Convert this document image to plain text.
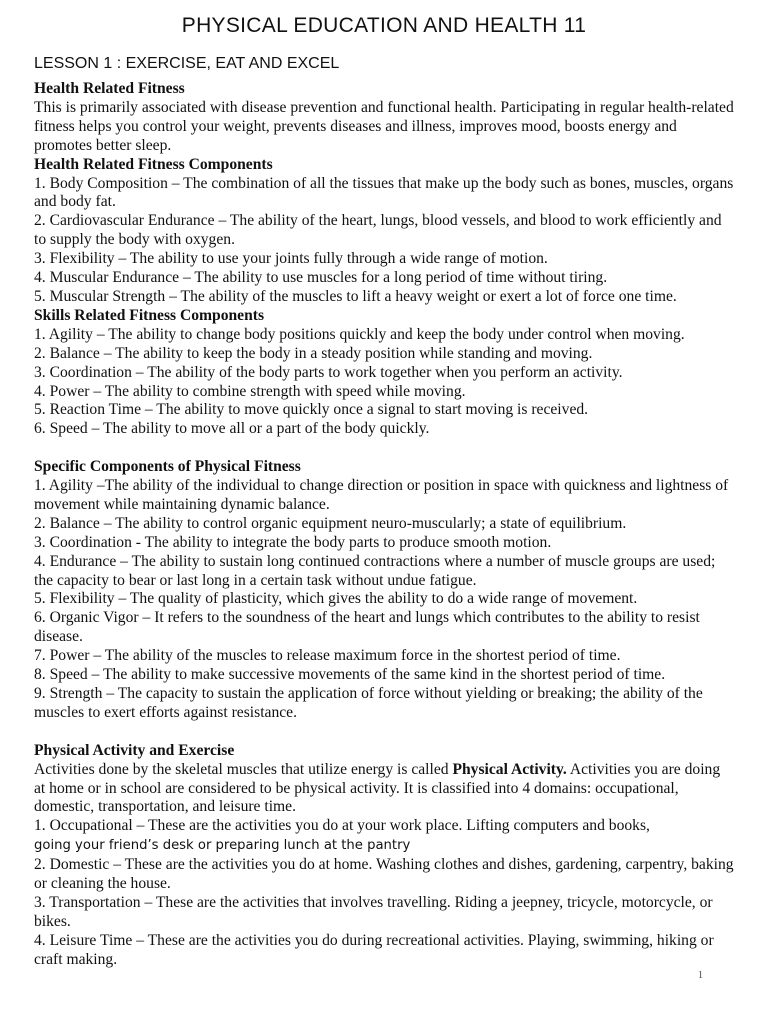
PHYSICAL EDUCATION AND HEALTH 11
LESSON 1 : EXERCISE, EAT AND EXCEL

Health Related Fitness

This is primarily associated with disease prevention and functional health. Participating in regular health-related fitness helps you control your weight, prevents diseases and illness, improves mood, boosts energy and promotes better sleep.

Health Related Fitness Components

1. Body Composition – The combination of all the tissues that make up the body such as bones, muscles, organs and body fat.

2. Cardiovascular Endurance – The ability of the heart, lungs, blood vessels, and blood to work efficiently and to supply the body with oxygen.

3. Flexibility – The ability to use your joints fully through a wide range of motion.

4. Muscular Endurance – The ability to use muscles for a long period of time without tiring.

5. Muscular Strength – The ability of the muscles to lift a heavy weight or exert a lot of force one time.

Skills Related Fitness Components

1. Agility – The ability to change body positions quickly and keep the body under control when moving.

2. Balance – The ability to keep the body in a steady position while standing and moving.

3. Coordination – The ability of the body parts to work together when you perform an activity.

4. Power – The ability to combine strength with speed while moving.

5. Reaction Time – The ability to move quickly once a signal to start moving is received.

6. Speed – The ability to move all or a part of the body quickly.

Specific Components of Physical Fitness

1. Agility –The ability of the individual to change direction or position in space with quickness and lightness of movement while maintaining dynamic balance.

2. Balance – The ability to control organic equipment neuro-muscularly; a state of equilibrium.

3. Coordination - The ability to integrate the body parts to produce smooth motion.

4. Endurance – The ability to sustain long continued contractions where a number of muscle groups are used; the capacity to bear or last long in a certain task without undue fatigue.

5. Flexibility – The quality of plasticity, which gives the ability to do a wide range of movement.

6. Organic Vigor – It refers to the soundness of the heart and lungs which contributes to the ability to resist disease.

7. Power – The ability of the muscles to release maximum force in the shortest period of time.

8. Speed – The ability to make successive movements of the same kind in the shortest period of time.

9. Strength – The capacity to sustain the application of force without yielding or breaking; the ability of the muscles to exert efforts against resistance.

Physical Activity and Exercise

Activities done by the skeletal muscles that utilize energy is called Physical Activity. Activities you are doing at home or in school are considered to be physical activity. It is classified into 4 domains: occupational, domestic, transportation, and leisure time.

1. Occupational – These are the activities you do at your work place. Lifting computers and books,
going your friend’s desk or preparing lunch at the pantry

2. Domestic – These are the activities you do at home. Washing clothes and dishes, gardening, carpentry, baking or cleaning the house.

3. Transportation – These are the activities that involves travelling. Riding a jeepney, tricycle, motorcycle, or bikes.

4. Leisure Time – These are the activities you do during recreational activities. Playing, swimming, hiking or craft making.

1
